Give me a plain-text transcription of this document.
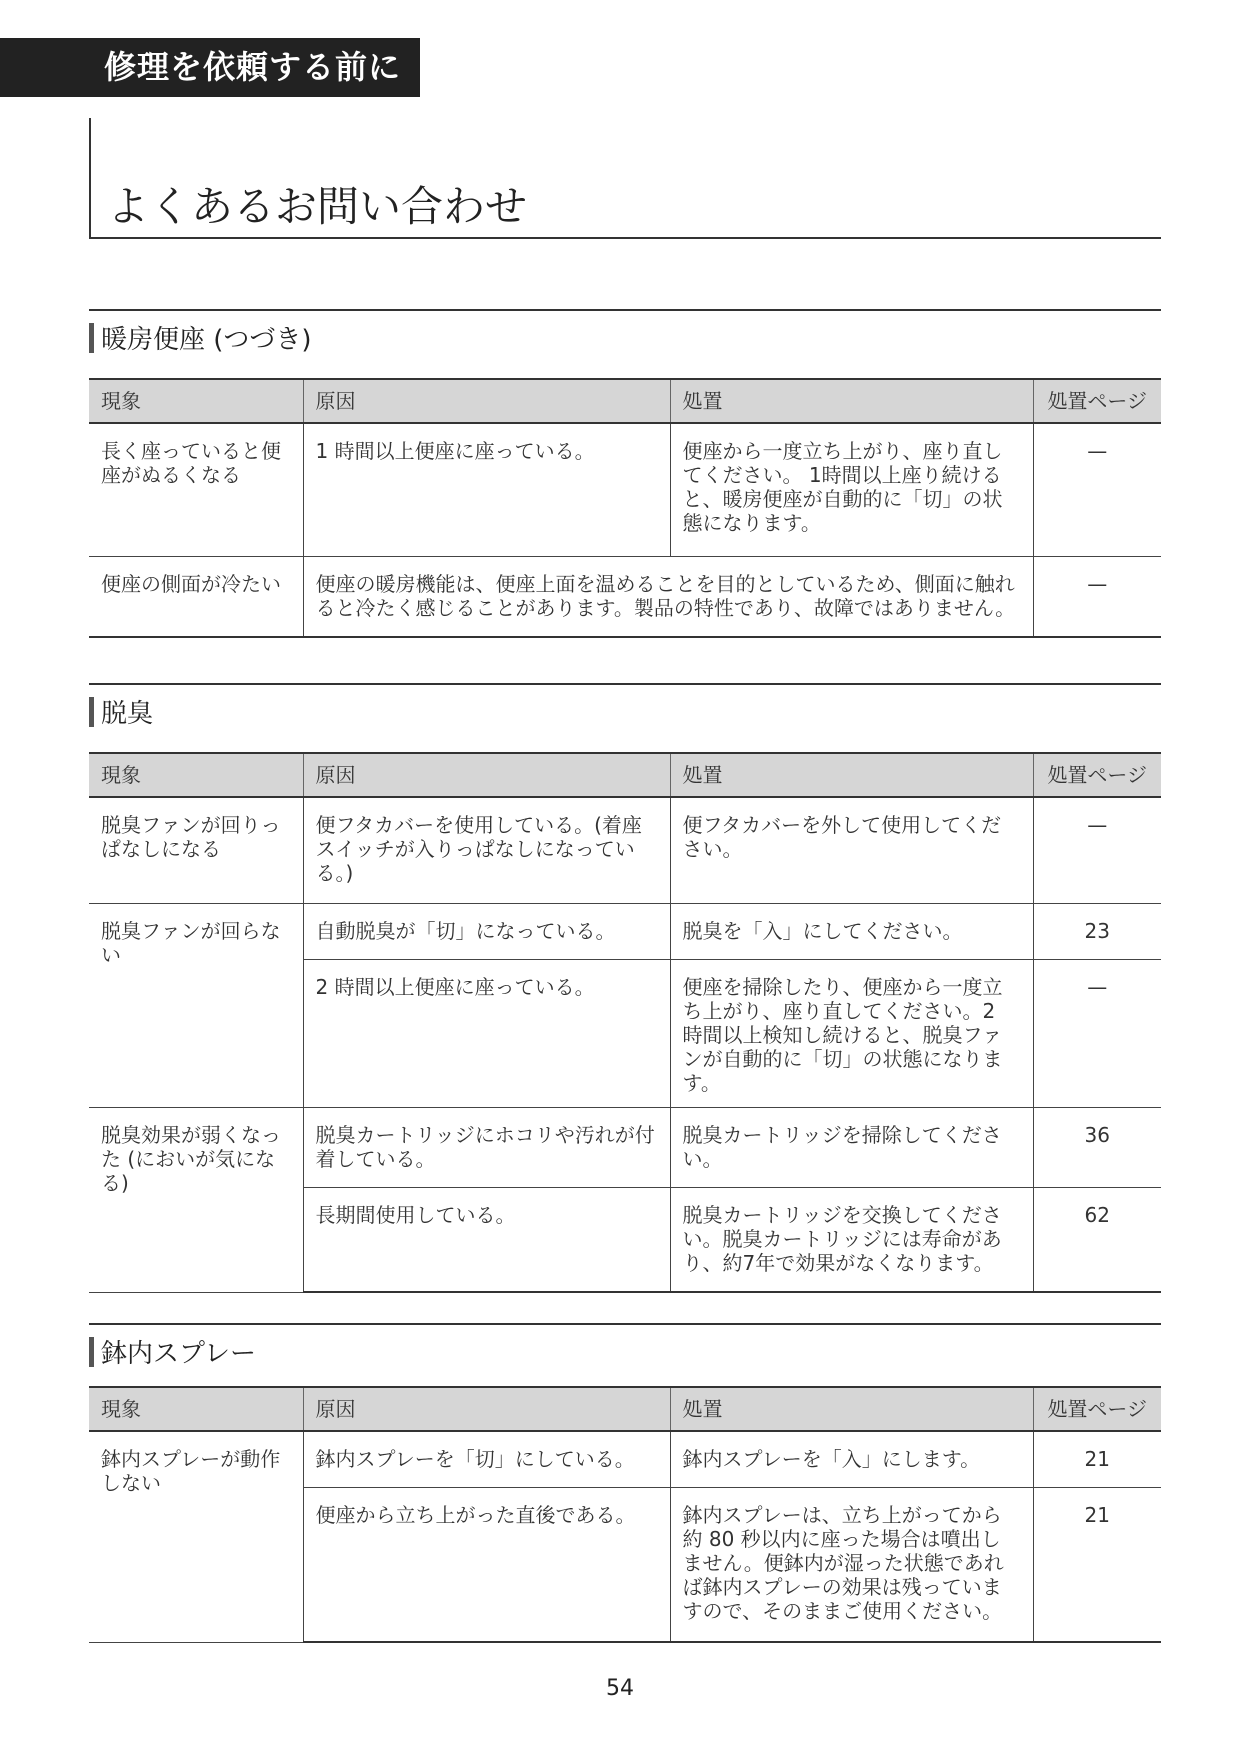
修理を依頼する前に
よくあるお問い合わせ
暖房便座 (つづき)
現象	原因	処置	処置ページ
長く座っていると便座がぬるくなる	1 時間以上便座に座っている。	便座から一度立ち上がり、座り直してください。 1時間以上座り続けると、暖房便座が自動的に「切」の状態になります。	—
便座の側面が冷たい	便座の暖房機能は、便座上面を温めることを目的としているため、側面に触れると冷たく感じることがあります。製品の特性であり、故障ではありません。		—
脱臭
現象	原因	処置	処置ページ
脱臭ファンが回りっぱなしになる	便フタカバーを使用している。(着座スイッチが入りっぱなしになっている。)	便フタカバーを外して使用してください。	—
脱臭ファンが回らない	自動脱臭が「切」になっている。	脱臭を「入」にしてください。	23
	2 時間以上便座に座っている。	便座を掃除したり、便座から一度立ち上がり、座り直してください。2 時間以上検知し続けると、脱臭ファンが自動的に「切」の状態になります。	—
脱臭効果が弱くなった (においが気になる)	脱臭カートリッジにホコリや汚れが付着している。	脱臭カートリッジを掃除してください。	36
	長期間使用している。	脱臭カートリッジを交換してください。脱臭カートリッジには寿命があり、約7年で効果がなくなります。	62
鉢内スプレー
現象	原因	処置	処置ページ
鉢内スプレーが動作しない	鉢内スプレーを「切」にしている。	鉢内スプレーを「入」にします。	21
	便座から立ち上がった直後である。	鉢内スプレーは、立ち上がってから約 80 秒以内に座った場合は噴出しません。便鉢内が湿った状態であれば鉢内スプレーの効果は残っていますので、そのままご使用ください。	21
54
